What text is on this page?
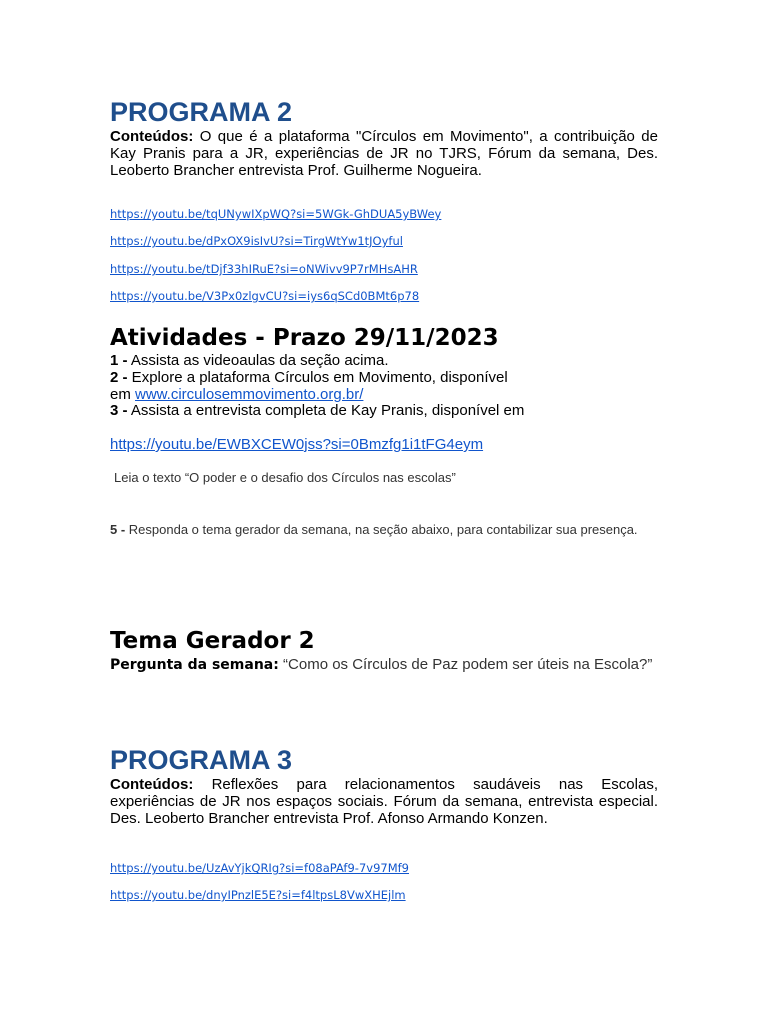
PROGRAMA 2

Conteúdos: O que é a plataforma "Círculos em Movimento", a contribuição de Kay Pranis para a JR, experiências de JR no TJRS, Fórum da semana, Des. Leoberto Brancher entrevista Prof. Guilherme Nogueira.

https://youtu.be/tqUNywIXpWQ?si=5WGk-GhDUA5yBWey
https://youtu.be/dPxOX9isIvU?si=TirgWtYw1tJOyful
https://youtu.be/tDjf33hIRuE?si=oNWivv9P7rMHsAHR
https://youtu.be/V3Px0zlgvCU?si=iys6qSCd0BMt6p78
Atividades - Prazo 29/11/2023

1 - Assista as videoaulas da seção acima.

2 - Explore a plataforma Círculos em Movimento, disponível
em www.circulosemmovimento.org.br/

3 - Assista a entrevista completa de Kay Pranis, disponível em

https://youtu.be/EWBXCEW0jss?si=0Bmzfg1i1tFG4eym

Leia o texto “O poder e o desafio dos Círculos nas escolas”

5 - Responda o tema gerador da semana, na seção abaixo, para contabilizar sua presença.

Tema Gerador 2

Pergunta da semana: “Como os Círculos de Paz podem ser úteis na Escola?”

PROGRAMA 3

Conteúdos: Reflexões para relacionamentos saudáveis nas Escolas, experiências de JR nos espaços sociais. Fórum da semana, entrevista especial. Des. Leoberto Brancher entrevista Prof. Afonso Armando Konzen.

https://youtu.be/UzAvYjkQRIg?si=f08aPAf9-7v97Mf9
https://youtu.be/dnyIPnzlE5E?si=f4ltpsL8VwXHEjlm
